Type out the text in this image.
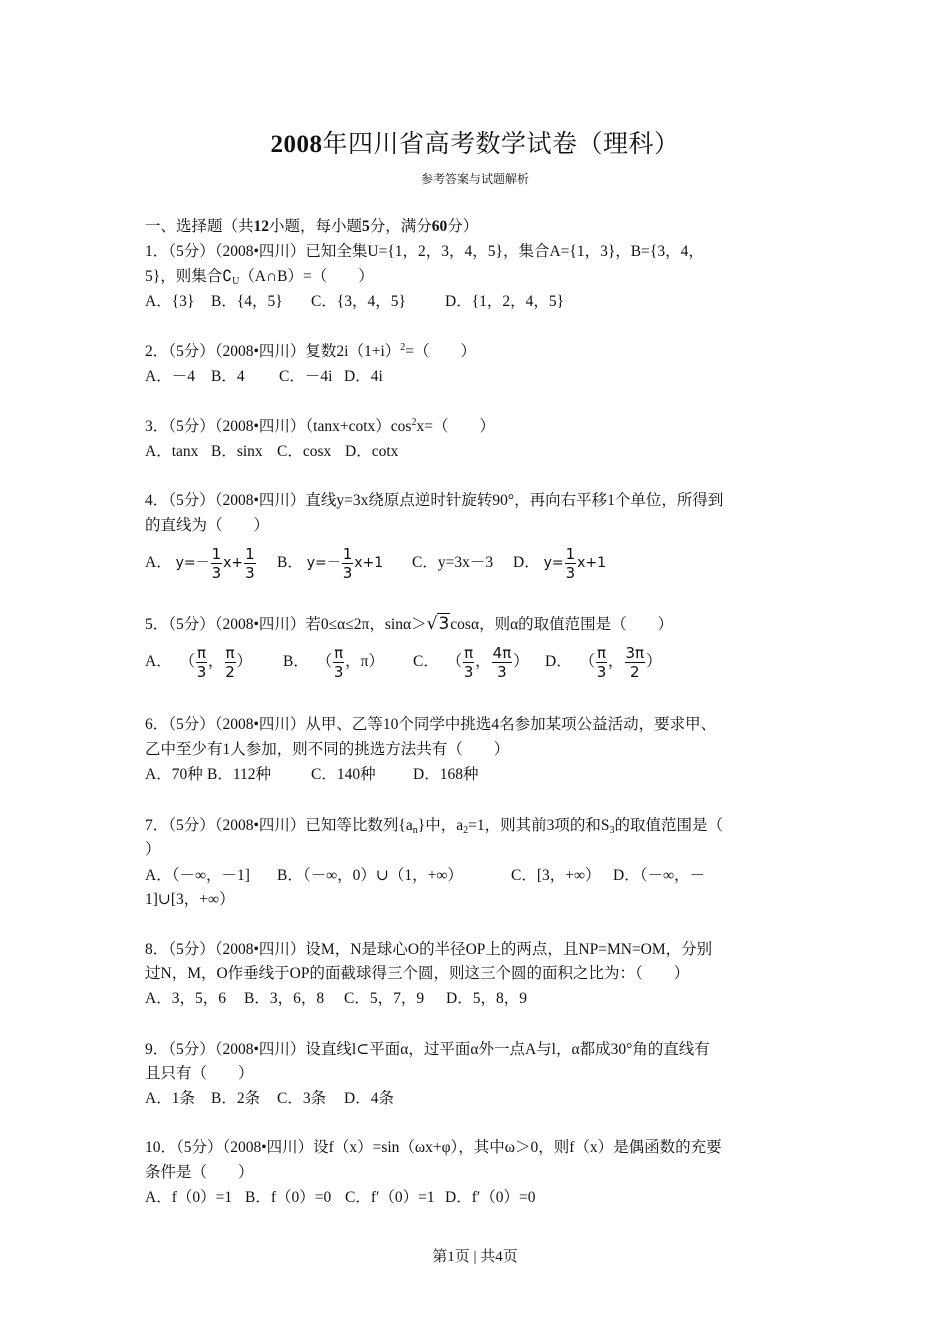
2008年四川省高考数学试卷（理科）
参考答案与试题解析
一、选择题（共12小题，每小题5分，满分60分）
1．（5分）（2008•四川）已知全集U={1，2，3，4，5}，集合A={1，3}，B={3，4，
5}，则集合$∁_U(A\cap B)=$（　　）
A．{3} B．{4，5} C．{3，4，5}	D．{1，2，4，5}
2．（5分）（2008•四川）复数$2i(1+i)^2=$（　　）
A．－4 B．4 C．－4i D．4i
3．（5分）（2008•四川）$(\tan x+\cot x)\cos^2x=$（　　）
A．tanx B．sinx C．cosx D．cotx
4．（5分）（2008•四川）直线y=3x绕原点逆时针旋转90°，再向右平移1个单位，所得到
的直线为（　　）
A． $y=- \frac{1}{3} x+ \frac{1}{3}$ B． $y=- \frac{1}{3} x+1$ C．y=3x－3 D． $y= \frac{1}{3} x+1$
5．（5分）（2008•四川）若0≤α≤2π，sinα＞√3cosα，则α的取值范围是（　　）
A．  （ $\frac{\pi}{3}$ ， $\frac{\pi}{2}$ ） B．  （ $\frac{\pi}{3}$ ，π） C．  （ $\frac{\pi}{3}$ ， $\frac{4\pi}{3}$ ） D．  （ $\frac{\pi}{3}$ ， $\frac{3\pi}{2}$ ）
6．（5分）（2008•四川）从甲、乙等10个同学中挑选4名参加某项公益活动，要求甲、
乙中至少有1人参加，则不同的挑选方法共有（　　）
A．70种 B．112种	C．140种 D．168种
7．（5分）（2008•四川）已知等比数列$\{a_n\}$中，$a_2=1$，则其前3项的和$S_3$的取值范围是（
）
A．（－∞，－1] B．（－∞，0）∪（1，+∞）	C．[3，+∞） D．（－∞，－
1]∪[3，+∞）
8．（5分）（2008•四川）设M，N是球心O的半径OP上的两点，且NP=MN=OM，分别
过N，M，O作垂线于OP的面截球得三个圆，则这三个圆的面积之比为：（　　）
A．3，5，6 B．3，6，8 C．5，7，9 D．5，8，9
9．（5分）（2008•四川）设直线l⊂平面α，过平面α外一点A与l，α都成30°角的直线有
且只有（　　）
A．1条 B．2条 C．3条 D．4条
10．（5分）（2008•四川）设f（x）=sin（ωx+φ），其中ω＞0，则f（x）是偶函数的充要
条件是（　　）
A．f（0）=1 B．f（0）=0 C．f′（0）=1 D．f′（0）=0
第1页 | 共4页
